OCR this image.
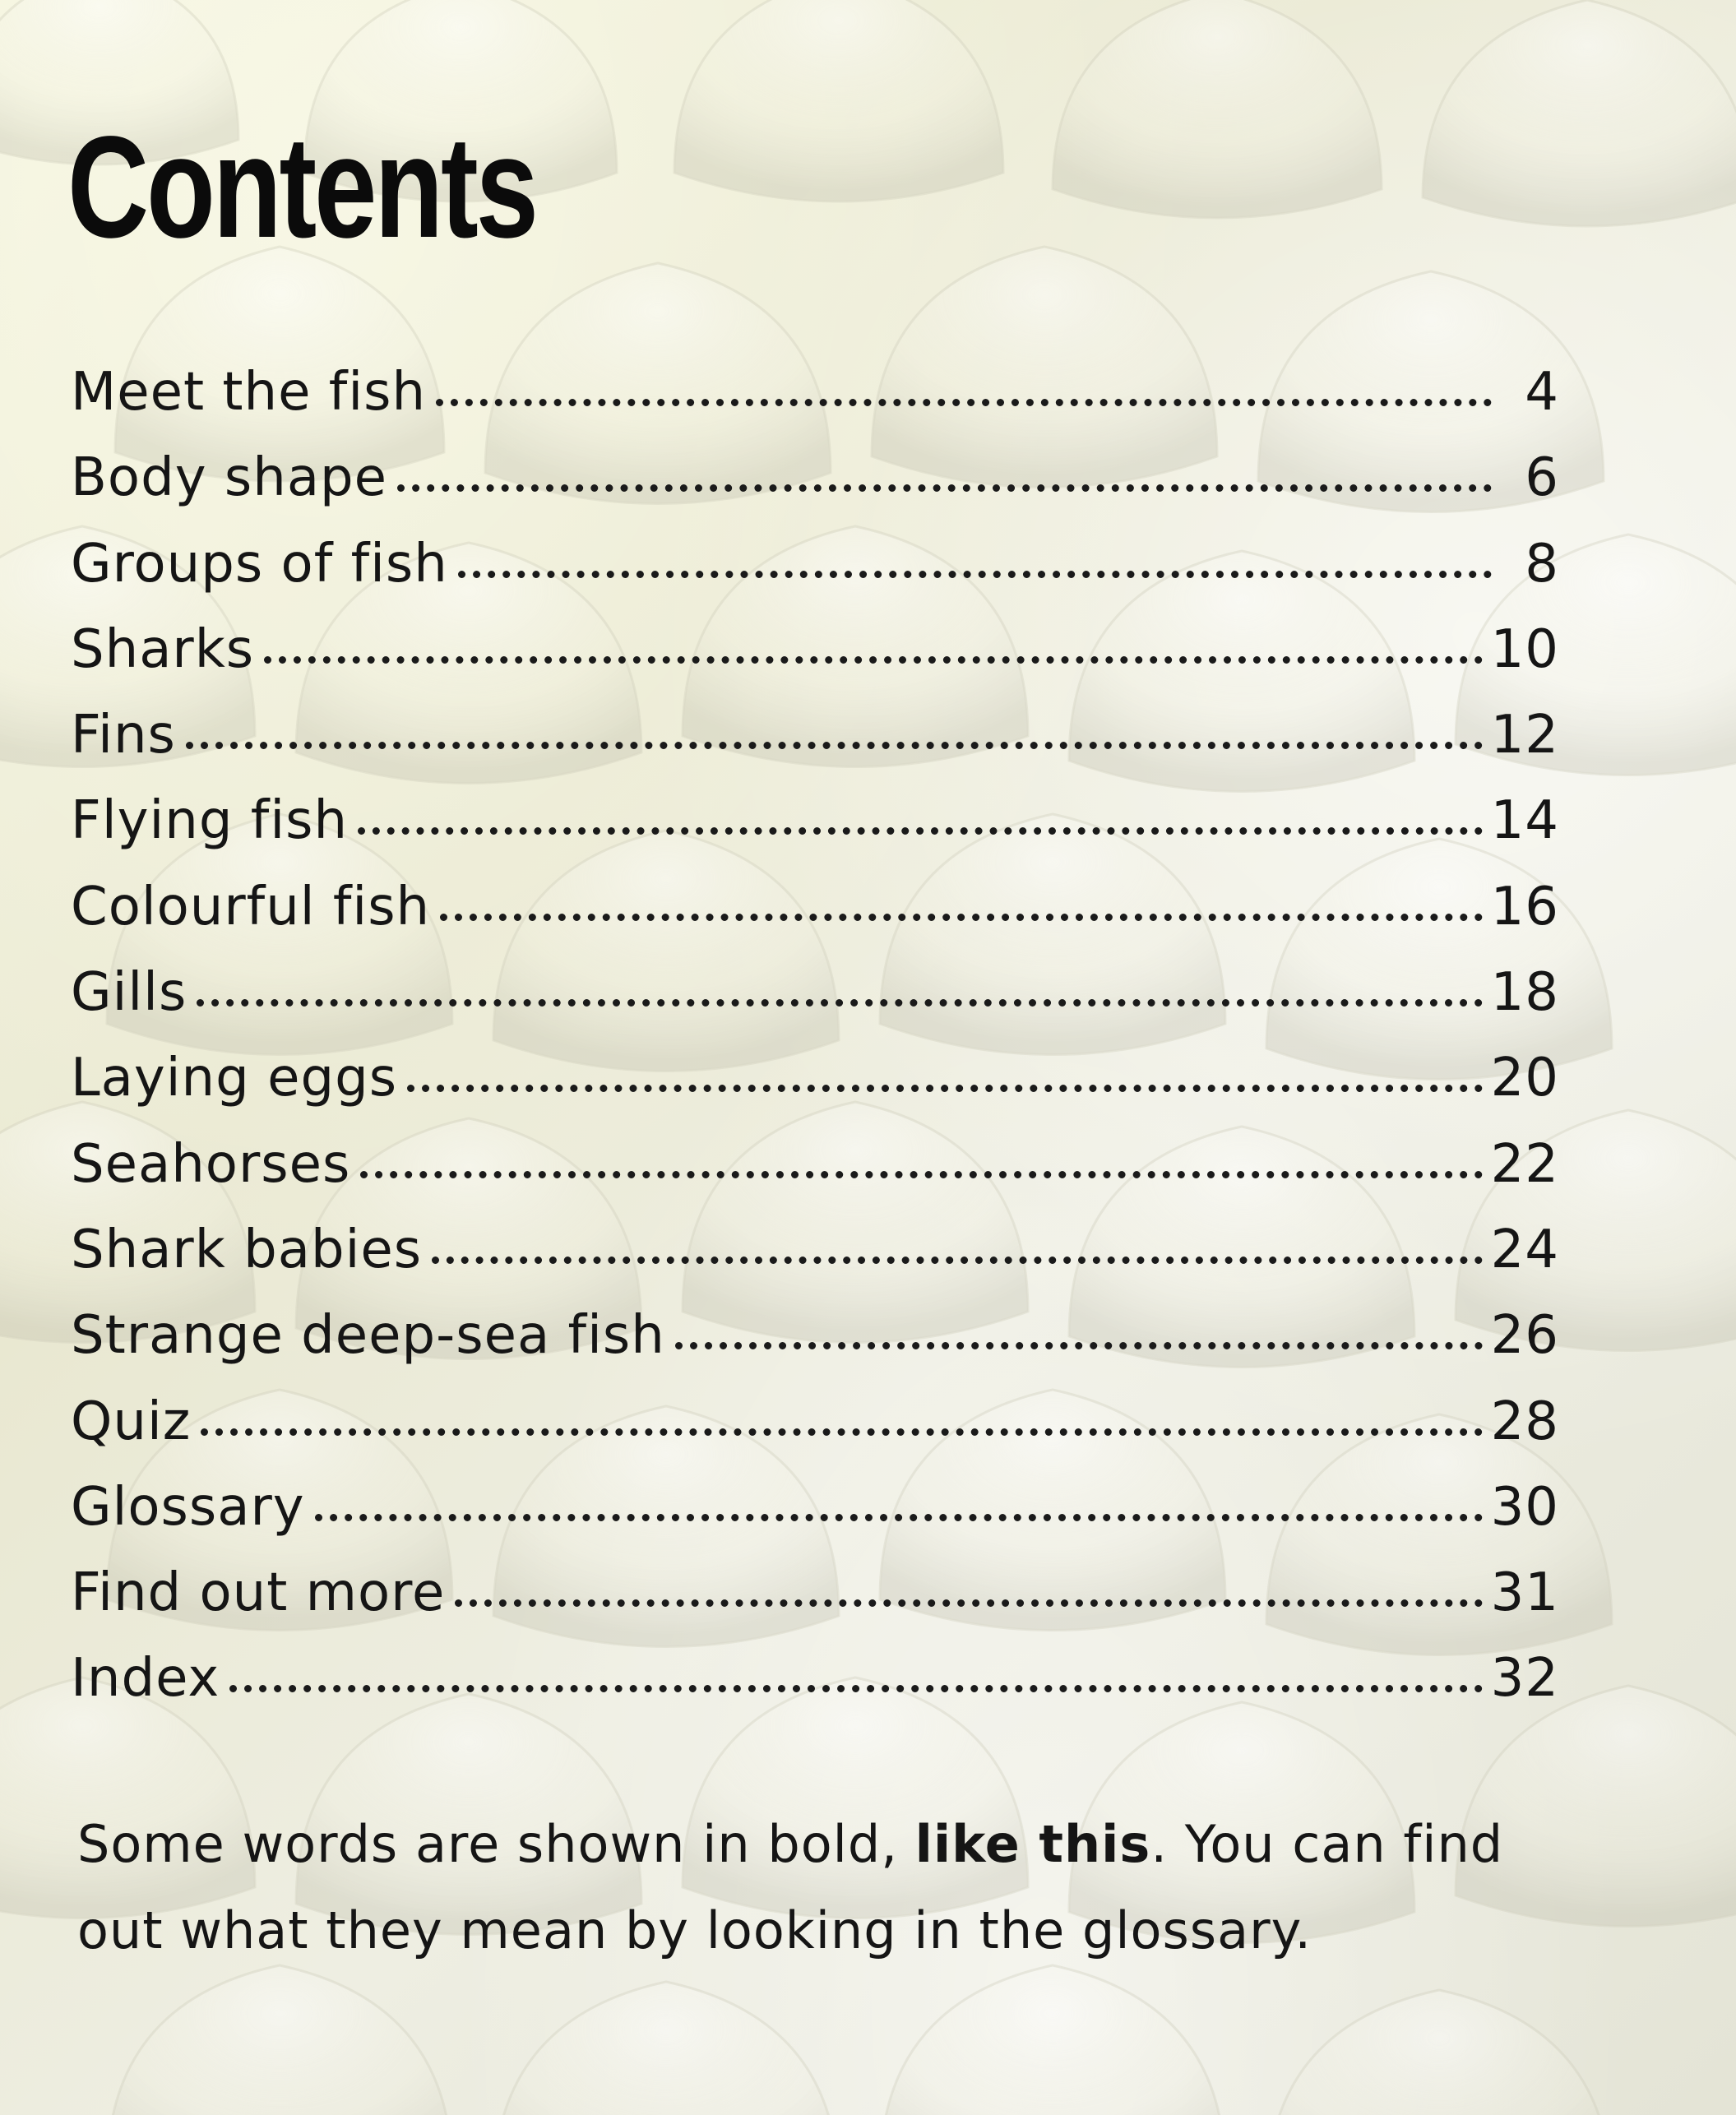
Contents
Meet the fish	4
Body shape	6
Groups of fish	8
Sharks	10
Fins	12
Flying fish	14
Colourful fish	16
Gills	18
Laying eggs	20
Seahorses	22
Shark babies	24
Strange deep-sea fish	26
Quiz	28
Glossary	30
Find out more	31
Index	32

Some words are shown in bold, like this. You can find out what they mean by looking in the glossary.
